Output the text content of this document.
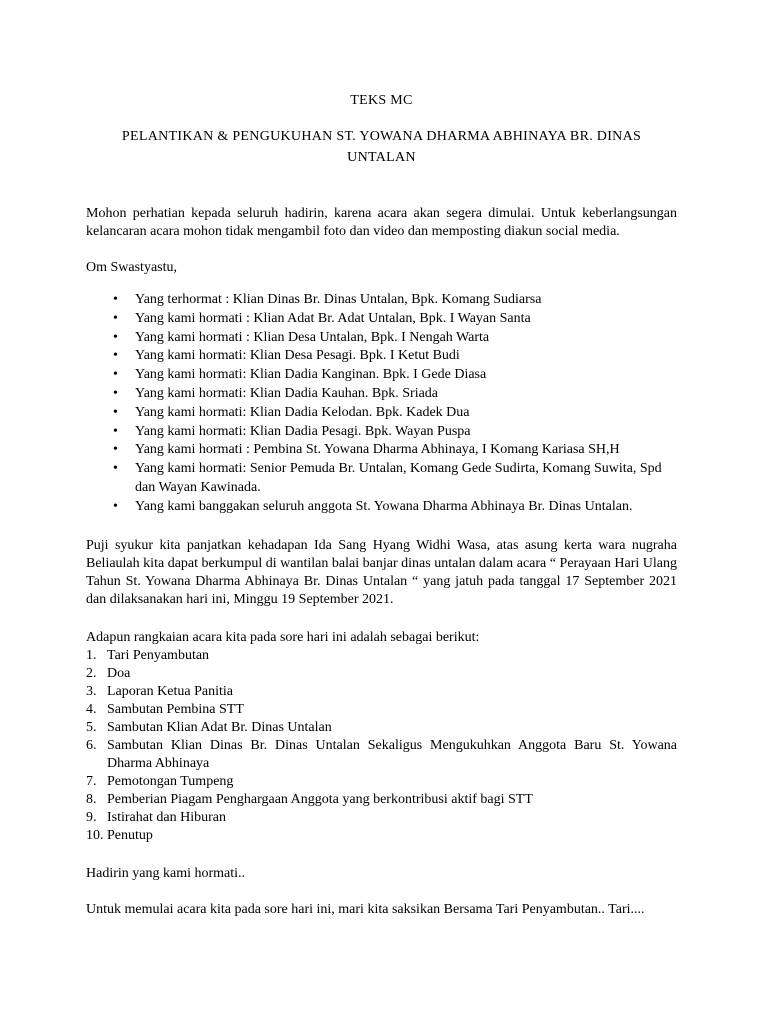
TEKS MC
PELANTIKAN & PENGUKUHAN ST. YOWANA DHARMA ABHINAYA BR. DINAS UNTALAN

Mohon perhatian kepada seluruh hadirin, karena acara akan segera dimulai. Untuk keberlangsungan kelancaran acara mohon tidak mengambil foto dan video dan memposting diakun social media.

Om Swastyastu,

• Yang terhormat : Klian Dinas Br. Dinas Untalan, Bpk. Komang Sudiarsa
• Yang kami hormati : Klian Adat Br. Adat Untalan, Bpk. I Wayan Santa
• Yang kami hormati : Klian Desa Untalan, Bpk. I Nengah Warta
• Yang kami hormati: Klian Desa Pesagi. Bpk. I Ketut Budi
• Yang kami hormati: Klian Dadia Kanginan. Bpk. I Gede Diasa
• Yang kami hormati: Klian Dadia Kauhan. Bpk. Sriada
• Yang kami hormati: Klian Dadia Kelodan. Bpk. Kadek Dua
• Yang kami hormati: Klian Dadia Pesagi. Bpk. Wayan Puspa
• Yang kami hormati : Pembina St. Yowana Dharma Abhinaya, I Komang Kariasa SH,H
• Yang kami hormati: Senior Pemuda Br. Untalan, Komang Gede Sudirta, Komang Suwita, Spd dan Wayan Kawinada.
• Yang kami banggakan seluruh anggota St. Yowana Dharma Abhinaya Br. Dinas Untalan.

Puji syukur kita panjatkan kehadapan Ida Sang Hyang Widhi Wasa, atas asung kerta wara nugraha Beliaulah kita dapat berkumpul di wantilan balai banjar dinas untalan dalam acara “ Perayaan Hari Ulang Tahun St. Yowana Dharma Abhinaya Br. Dinas Untalan “ yang jatuh pada tanggal 17 September 2021 dan dilaksanakan hari ini, Minggu 19 September 2021.

Adapun rangkaian acara kita pada sore hari ini adalah sebagai berikut:

1. Tari Penyambutan
2. Doa
3. Laporan Ketua Panitia
4. Sambutan Pembina STT
5. Sambutan Klian Adat Br. Dinas Untalan
6. Sambutan Klian Dinas Br. Dinas Untalan Sekaligus Mengukuhkan Anggota Baru St. Yowana Dharma Abhinaya
7. Pemotongan Tumpeng
8. Pemberian Piagam Penghargaan Anggota yang berkontribusi aktif bagi STT
9. Istirahat dan Hiburan
10. Penutup

Hadirin yang kami hormati..

Untuk memulai acara kita pada sore hari ini, mari kita saksikan Bersama Tari Penyambutan.. Tari....
